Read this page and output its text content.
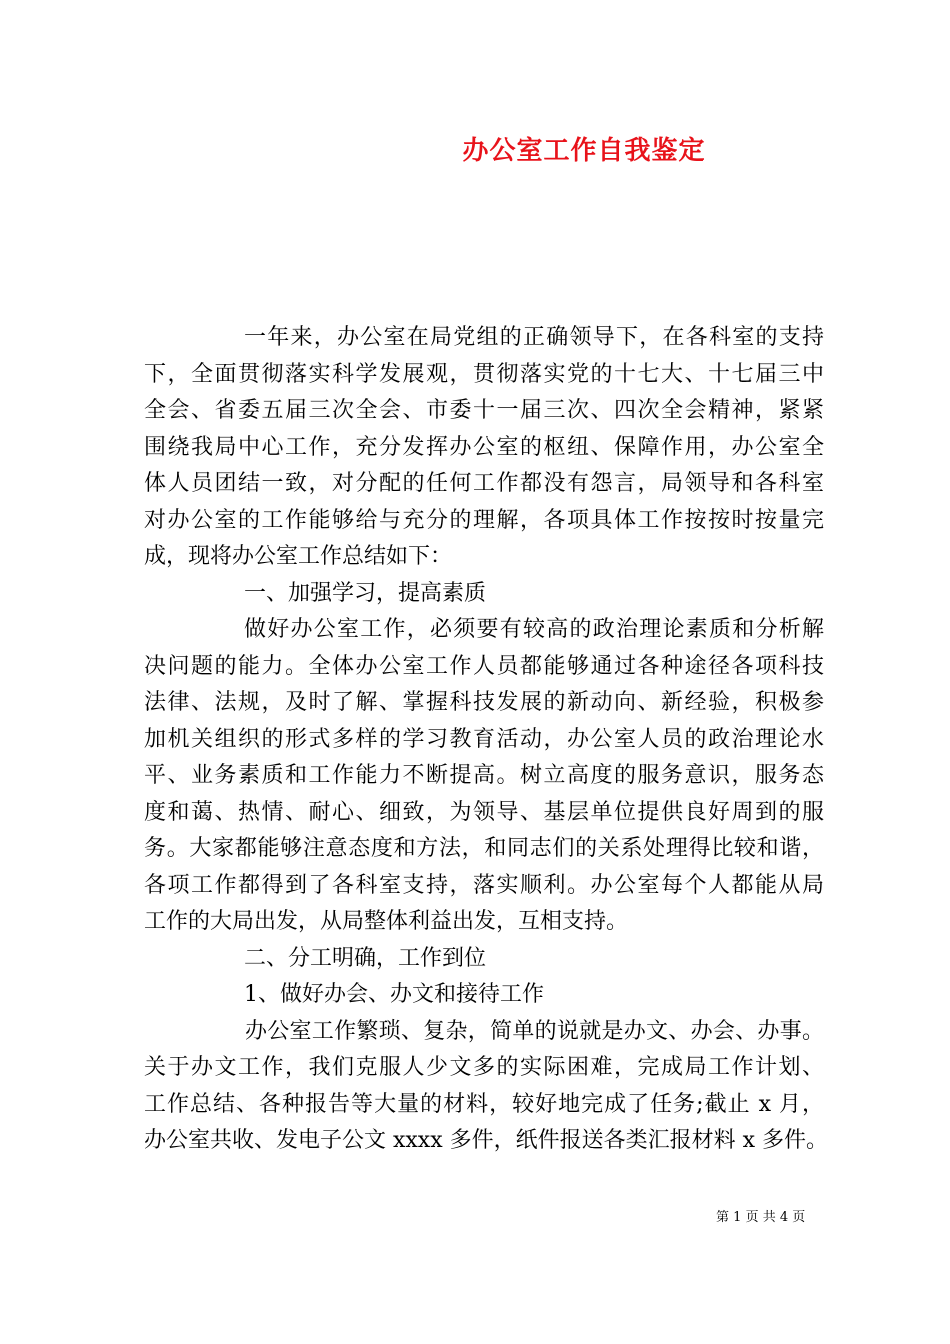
办公室工作自我鉴定
一年来，办公室在局党组的正确领导下，在各科室的支持
下，全面贯彻落实科学发展观，贯彻落实党的十七大、十七届三中
全会、省委五届三次全会、市委十一届三次、四次全会精神，紧紧
围绕我局中心工作，充分发挥办公室的枢纽、保障作用，办公室全
体人员团结一致，对分配的任何工作都没有怨言，局领导和各科室
对办公室的工作能够给与充分的理解，各项具体工作按按时按量完
成，现将办公室工作总结如下：
一、加强学习，提高素质
做好办公室工作，必须要有较高的政治理论素质和分析解
决问题的能力。全体办公室工作人员都能够通过各种途径各项科技
法律、法规，及时了解、掌握科技发展的新动向、新经验，积极参
加机关组织的形式多样的学习教育活动，办公室人员的政治理论水
平、业务素质和工作能力不断提高。树立高度的服务意识，服务态
度和蔼、热情、耐心、细致，为领导、基层单位提供良好周到的服
务。大家都能够注意态度和方法，和同志们的关系处理得比较和谐，
各项工作都得到了各科室支持，落实顺利。办公室每个人都能从局
工作的大局出发，从局整体利益出发，互相支持。
二、分工明确，工作到位
1、做好办会、办文和接待工作
办公室工作繁琐、复杂，简单的说就是办文、办会、办事。
关于办文工作，我们克服人少文多的实际困难，完成局工作计划、
工作总结、各种报告等大量的材料，较好地完成了任务;截止 x 月，
办公室共收、发电子公文 xxxx 多件，纸件报送各类汇报材料 x 多件。
第 1 页 共 4 页
